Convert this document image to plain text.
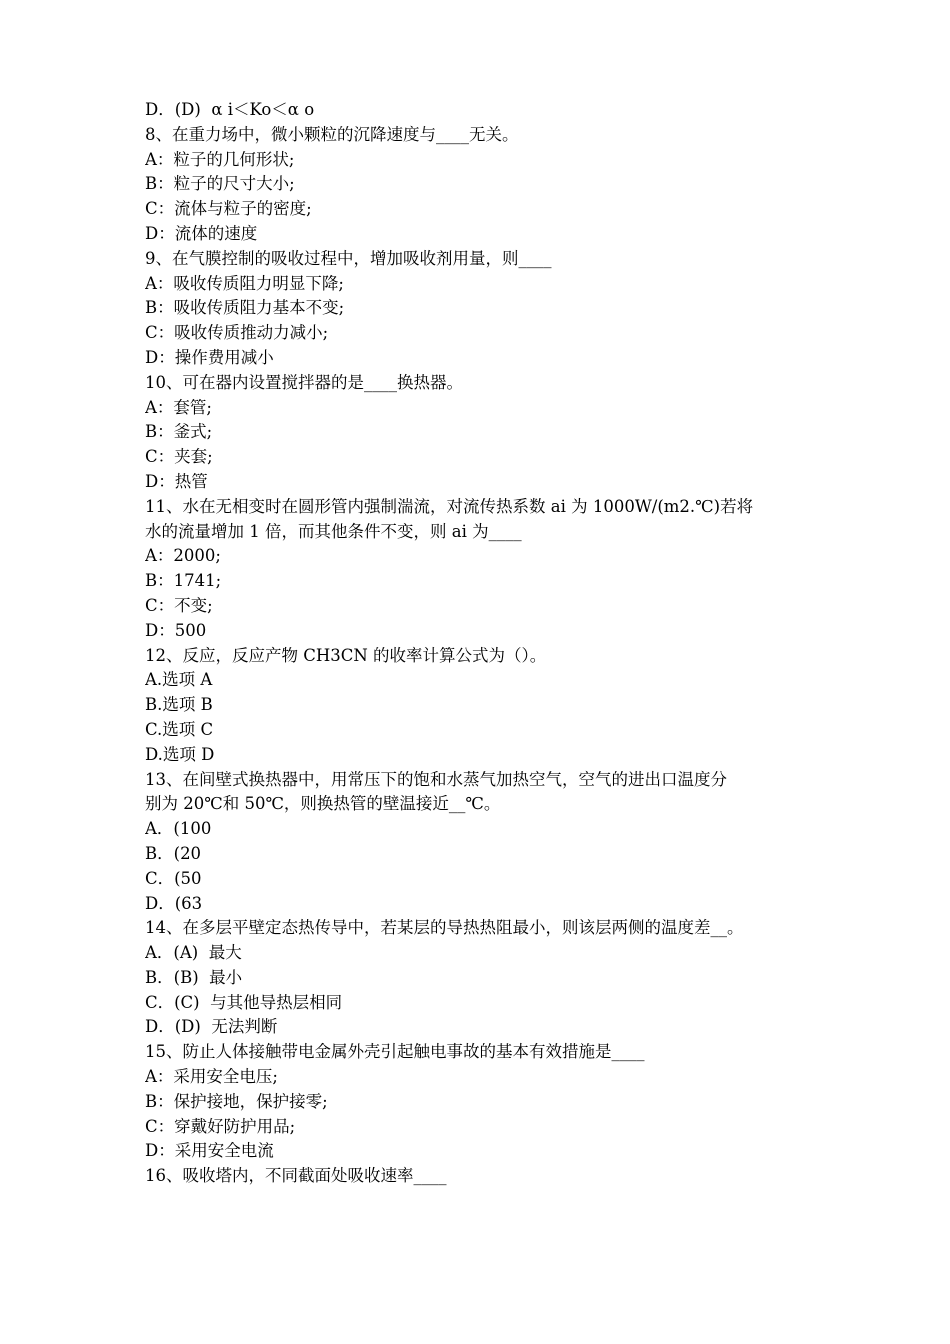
D．(D)  α i＜Ko＜α o
8、在重力场中，微小颗粒的沉降速度与____无关。
A：粒子的几何形状;
B：粒子的尺寸大小;
C：流体与粒子的密度;
D：流体的速度
9、在气膜控制的吸收过程中，增加吸收剂用量，则____
A：吸收传质阻力明显下降;
B：吸收传质阻力基本不变;
C：吸收传质推动力减小;
D：操作费用减小
10、可在器内设置搅拌器的是____换热器。
A：套管;
B：釜式;
C：夹套;
D：热管
11、水在无相变时在圆形管内强制湍流，对流传热系数 ai 为 1000W/(m2.℃)若将
水的流量增加 1 倍，而其他条件不变，则 ai 为____
A：2000;
B：1741;
C：不变;
D：500
12、反应，反应产物 CH3CN 的收率计算公式为（）。
A.选项 A
B.选项 B
C.选项 C
D.选项 D
13、在间壁式换热器中，用常压下的饱和水蒸气加热空气，空气的进出口温度分
别为 20℃和 50℃，则换热管的壁温接近__℃。
A．(100
B．(20
C．(50
D．(63
14、在多层平壁定态热传导中，若某层的导热热阻最小，则该层两侧的温度差__。
A．(A)  最大
B．(B)  最小
C．(C)  与其他导热层相同
D．(D)  无法判断
15、防止人体接触带电金属外壳引起触电事故的基本有效措施是____
A：采用安全电压;
B：保护接地，保护接零;
C：穿戴好防护用品;
D：采用安全电流
16、吸收塔内，不同截面处吸收速率____
